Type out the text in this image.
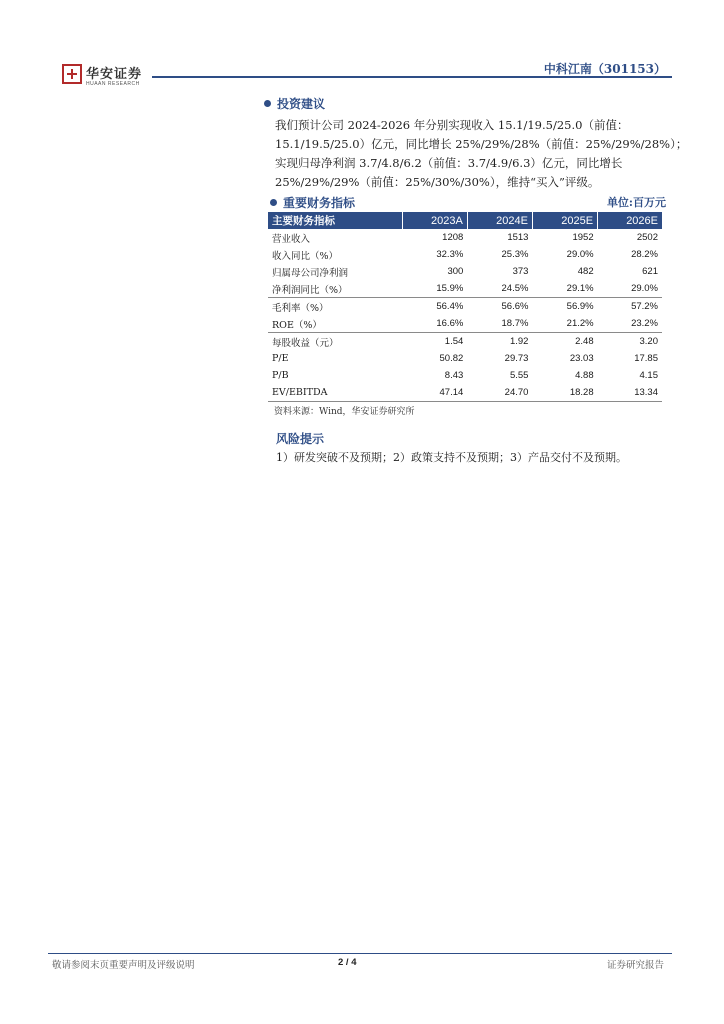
华安证券
HUAAN RESEARCH
中科江南（301153）
投资建议
我们预计公司 2024-2026 年分别实现收入 15.1/19.5/25.0（前值：
15.1/19.5/25.0）亿元，同比增长 25%/29%/28%（前值：25%/29%/28%）；
实现归母净利润 3.7/4.8/6.2（前值：3.7/4.9/6.3）亿元，同比增长
25%/29%/29%（前值：25%/30%/30%），维持“买入”评级。
重要财务指标	单位:百万元
主要财务指标	2023A	2024E	2025E	2026E
营业收入	1208	1513	1952	2502
收入同比（%）	32.3%	25.3%	29.0%	28.2%
归属母公司净利润	300	373	482	621
净利润同比（%）	15.9%	24.5%	29.1%	29.0%
毛利率（%）	56.4%	56.6%	56.9%	57.2%
ROE（%）	16.6%	18.7%	21.2%	23.2%
每股收益（元）	1.54	1.92	2.48	3.20
P/E	50.82	29.73	23.03	17.85
P/B	8.43	5.55	4.88	4.15
EV/EBITDA	47.14	24.70	18.28	13.34
资料来源：Wind，华安证券研究所
风险提示
1）研发突破不及预期；2）政策支持不及预期；3）产品交付不及预期。
敬请参阅末页重要声明及评级说明	2 / 4	证券研究报告
